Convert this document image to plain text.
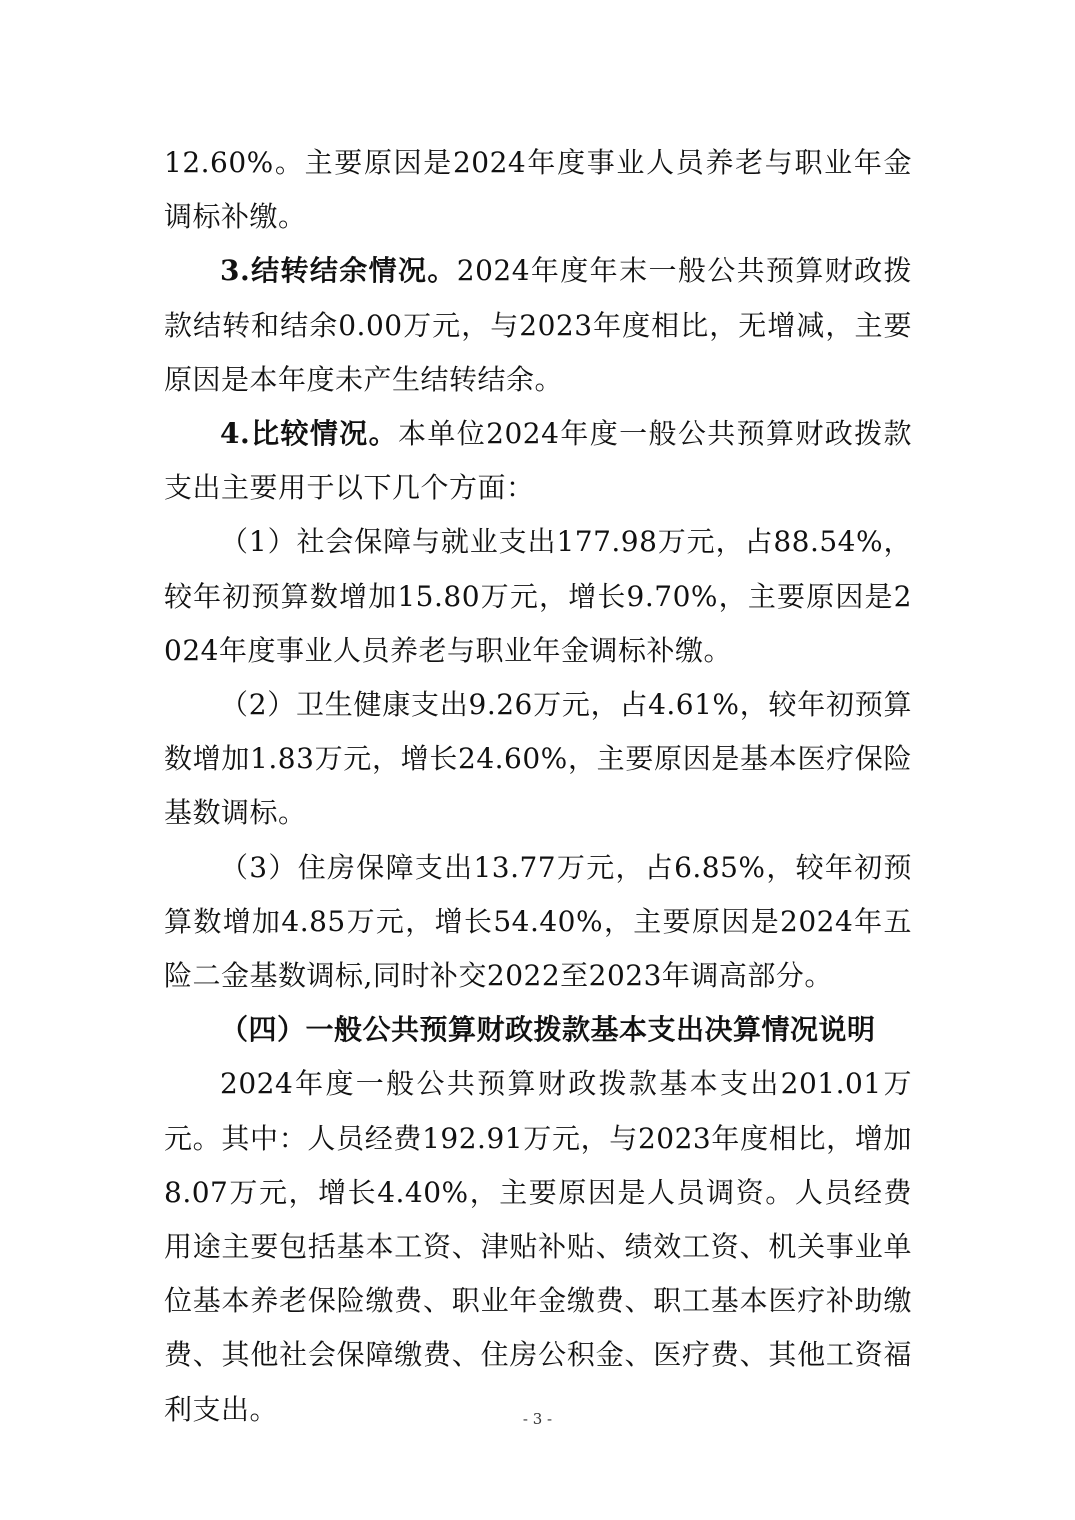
12.60%。主要原因是2024年度事业人员养老与职业年金调标补缴。

3.结转结余情况。2024年度年末一般公共预算财政拨款结转和结余0.00万元，与2023年度相比，无增减，主要原因是本年度未产生结转结余。

4.比较情况。本单位2024年度一般公共预算财政拨款支出主要用于以下几个方面：

（1）社会保障与就业支出177.98万元，占88.54%，较年初预算数增加15.80万元，增长9.70%，主要原因是2024年度事业人员养老与职业年金调标补缴。

（2）卫生健康支出9.26万元，占4.61%，较年初预算数增加1.83万元，增长24.60%，主要原因是基本医疗保险基数调标。

（3）住房保障支出13.77万元，占6.85%，较年初预算数增加4.85万元，增长54.40%，主要原因是2024年五险二金基数调标,同时补交2022至2023年调高部分。

（四）一般公共预算财政拨款基本支出决算情况说明

2024年度一般公共预算财政拨款基本支出201.01万元。其中：人员经费192.91万元，与2023年度相比，增加8.07万元，增长4.40%，主要原因是人员调资。人员经费用途主要包括基本工资、津贴补贴、绩效工资、机关事业单位基本养老保险缴费、职业年金缴费、职工基本医疗补助缴费、其他社会保障缴费、住房公积金、医疗费、其他工资福利支出。	- 3 -
